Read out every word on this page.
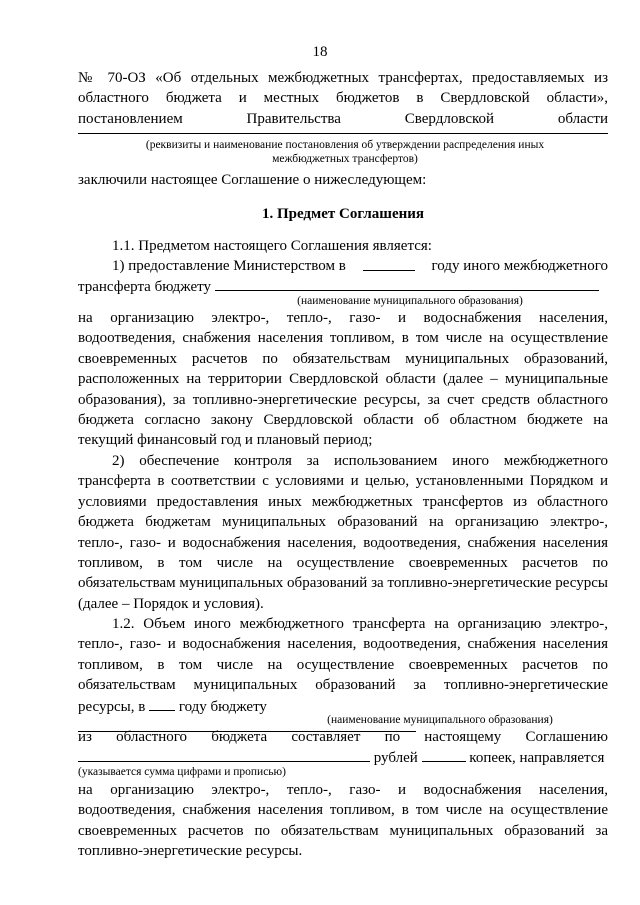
18
№ 70-ОЗ «Об отдельных межбюджетных трансфертах, предоставляемых из
областного бюджета и местных бюджетов в Свердловской области»,
постановлением Правительства Свердловской области
(реквизиты и наименование постановления об утверждении распределения иных межбюджетных трансфертов)
заключили настоящее Соглашение о нижеследующем:
1. Предмет Соглашения
1.1. Предметом настоящего Соглашения является:
1) предоставление Министерством в	году иного межбюджетного
трансферта бюджету
(наименование муниципального образования)
на организацию электро-, тепло-, газо- и водоснабжения населения,
водоотведения, снабжения населения топливом, в том числе на осуществление
своевременных расчетов по обязательствам муниципальных образований,
расположенных на территории Свердловской области (далее – муниципальные
образования), за топливно-энергетические ресурсы, за счет средств областного
бюджета согласно закону Свердловской области об областном бюджете на
текущий финансовый год и плановый период;
2) обеспечение контроля за использованием иного межбюджетного
трансферта в соответствии с условиями и целью, установленными Порядком и
условиями предоставления иных межбюджетных трансфертов из областного
бюджета бюджетам муниципальных образований на организацию электро-,
тепло-, газо- и водоснабжения населения, водоотведения, снабжения населения
топливом, в том числе на осуществление своевременных расчетов по
обязательствам муниципальных образований за топливно-энергетические ресурсы
(далее – Порядок и условия).
1.2. Объем иного межбюджетного трансферта на организацию электро-,
тепло-, газо- и водоснабжения населения, водоотведения, снабжения населения
топливом, в том числе на осуществление своевременных расчетов по
обязательствам муниципальных образований за топливно-энергетические
ресурсы, в году бюджету
(наименование муниципального образования)
из областного бюджета составляет по настоящему Соглашению
рублей	копеек, направляется
(указывается сумма цифрами и прописью)
на организацию электро-, тепло-, газо- и водоснабжения населения,
водоотведения, снабжения населения топливом, в том числе на осуществление
своевременных расчетов по обязательствам муниципальных образований за
топливно-энергетические ресурсы.
